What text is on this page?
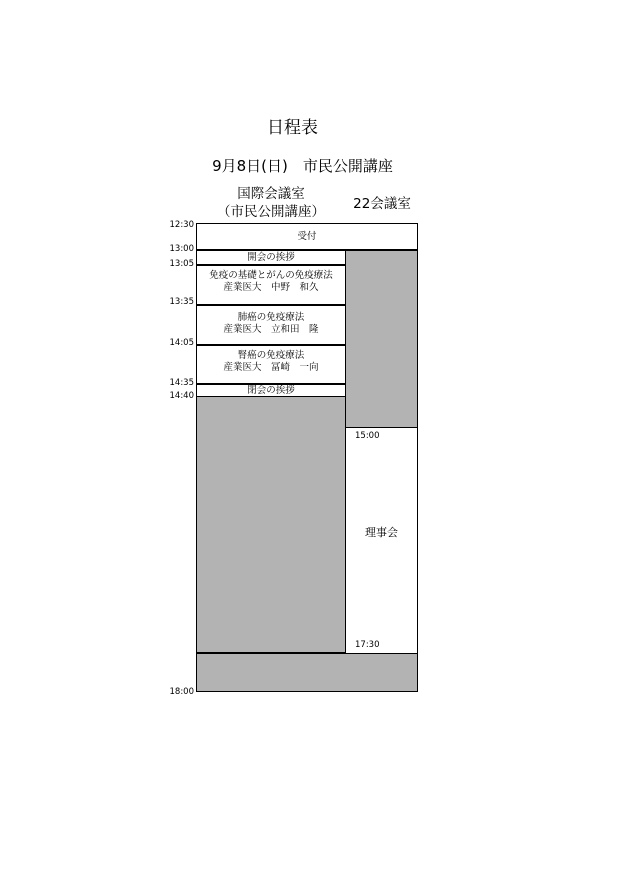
日程表
9月8日(日)　市民公開講座
国際会議室
（市民公開講座）	22会議室
12:30
13:00
13:05
13:35
14:05
14:35
14:40
18:00
受付
開会の挨拶
免疫の基礎とがんの免疫療法
産業医大　中野　和久
肺癌の免疫療法
産業医大　立和田　隆
腎癌の免疫療法
産業医大　冨崎　一向
閉会の挨拶
15:00
理事会
17:30
